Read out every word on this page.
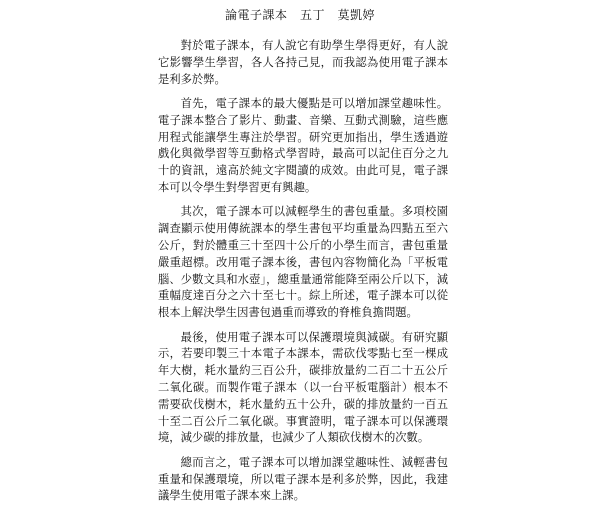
論電子課本　五丁　莫凱婷

對於電子課本，有人說它有助學生學得更好，有人說它影響學生學習，各人各持己見，而我認為使用電子課本是利多於弊。

首先，電子課本的最大優點是可以增加課堂趣味性。電子課本整合了影片、動畫、音樂、互動式測驗，這些應用程式能讓學生專注於學習。研究更加指出，學生透過遊戲化與微學習等互動格式學習時，最高可以記住百分之九十的資訊，遠高於純文字閱讀的成效。由此可見，電子課本可以令學生對學習更有興趣。

其次，電子課本可以減輕學生的書包重量。多項校園調查顯示使用傳統課本的學生書包平均重量為四點五至六公斤，對於體重三十至四十公斤的小學生而言，書包重量嚴重超標。改用電子課本後，書包內容物簡化為「平板電腦、少數文具和水壺」，總重量通常能降至兩公斤以下，減重幅度達百分之六十至七十。綜上所述，電子課本可以從根本上解決學生因書包過重而導致的脊椎負擔問題。

最後，使用電子課本可以保護環境與減碳。有研究顯示，若要印製三十本電子本課本，需砍伐零點七至一棵成年大樹，耗水量約三百公升，碳排放量約二百二十五公斤二氧化碳。而製作電子課本（以一台平板電腦計）根本不需要砍伐樹木，耗水量約五十公升，碳的排放量約一百五十至二百公斤二氧化碳。事實證明，電子課本可以保護環境，減少碳的排放量，也減少了人類砍伐樹木的次數。

總而言之，電子課本可以增加課堂趣味性、減輕書包重量和保護環境，所以電子課本是利多於弊，因此，我建議學生使用電子課本來上課。
